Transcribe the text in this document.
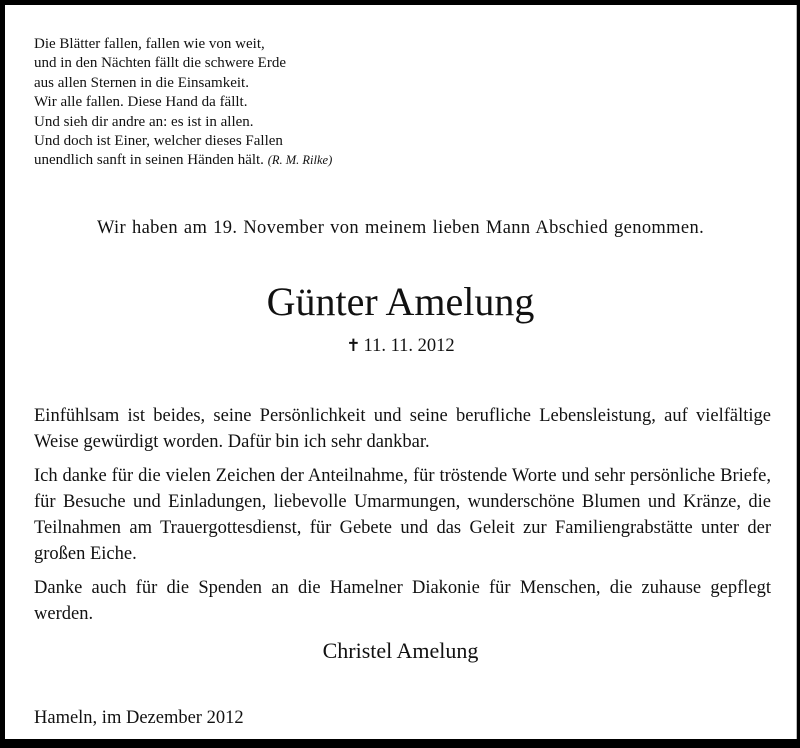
Die Blätter fallen, fallen wie von weit,
und in den Nächten fällt die schwere Erde
aus allen Sternen in die Einsamkeit.
Wir alle fallen. Diese Hand da fällt.
Und sieh dir andre an: es ist in allen.
Und doch ist Einer, welcher dieses Fallen
unendlich sanft in seinen Händen hält. (R. M. Rilke)
Wir haben am 19. November von meinem lieben Mann Abschied genommen.
Günter Amelung
✝ 11. 11. 2012

Einfühlsam ist beides, seine Persönlichkeit und seine berufliche Lebensleistung, auf vielfältige Weise gewürdigt worden. Dafür bin ich sehr dankbar.

Ich danke für die vielen Zeichen der Anteilnahme, für tröstende Worte und sehr persönliche Briefe, für Besuche und Einladungen, liebevolle Umarmungen, wunderschöne Blumen und Kränze, die Teilnahmen am Trauergottesdienst, für Gebete und das Geleit zur Familiengrabstätte unter der großen Eiche.

Danke auch für die Spenden an die Hamelner Diakonie für Menschen, die zuhause gepflegt werden.

Christel Amelung
Hameln, im Dezember 2012
